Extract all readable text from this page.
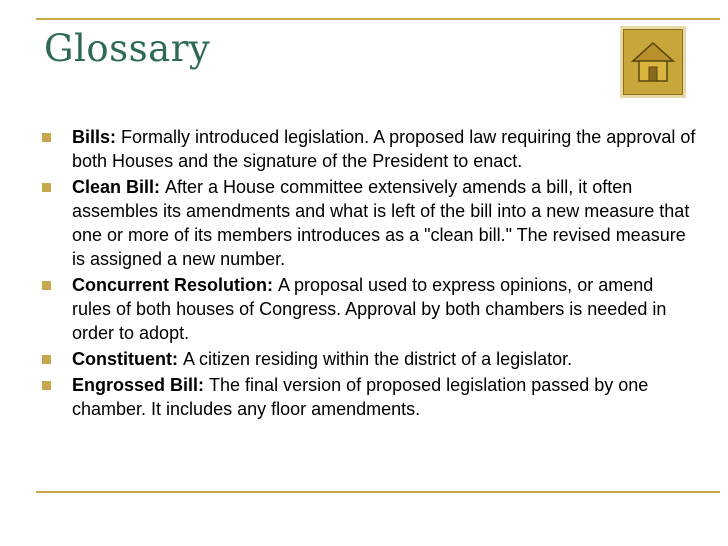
Glossary
Bills: Formally introduced legislation. A proposed law requiring the approval of both Houses and the signature of the President to enact.
Clean Bill: After a House committee extensively amends a bill, it often assembles its amendments and what is left of the bill into a new measure that one or more of its members introduces as a "clean bill." The revised measure is assigned a new number.
Concurrent Resolution: A proposal used to express opinions, or amend rules of both houses of Congress. Approval by both chambers is needed in order to adopt.
Constituent: A citizen residing within the district of a legislator.
Engrossed Bill: The final version of proposed legislation passed by one chamber. It includes any floor amendments.
